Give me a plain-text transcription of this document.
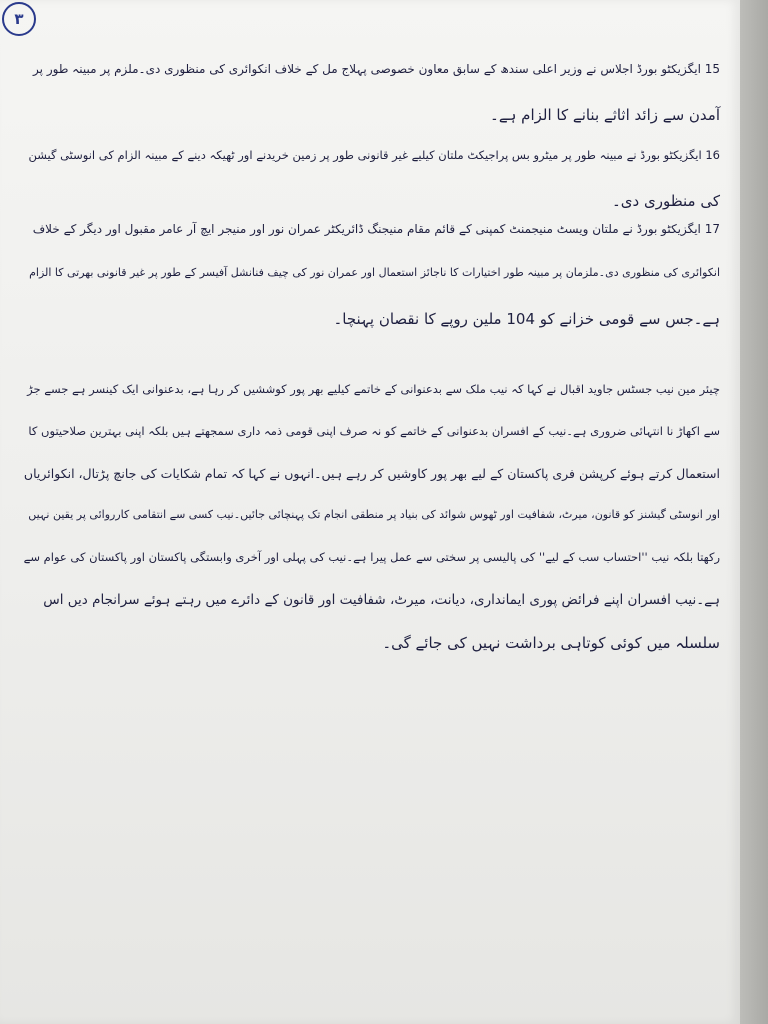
۳
15 ایگزیکٹو بورڈ اجلاس نے وزیر اعلی سندھ کے سابق معاون خصوصی پہلاج مل کے خلاف انکوائری کی منظوری دی۔ملزم پر مبینہ طور پر
آمدن سے زائد اثاثے بنانے کا الزام ہے۔
16 ایگزیکٹو بورڈ نے مبینہ طور پر میٹرو بس پراجیکٹ ملتان کیلیے غیر قانونی طور پر زمین خریدنے اور ٹھیکہ دینے کے مبینہ الزام کی انوسٹی گیشن
کی منظوری دی۔
17 ایگزیکٹو بورڈ نے ملتان ویسٹ منیجمنٹ کمپنی کے قائم مقام منیجنگ ڈائریکٹر عمران نور اور منیجر ایچ آر عامر مقبول اور دیگر کے خلاف
انکوائری کی منظوری دی۔ملزمان پر مبینہ طور اختیارات کا ناجائز استعمال اور عمران نور کی چیف فنانشل آفیسر کے طور پر غیر قانونی بھرتی کا الزام
ہے۔جس سے قومی خزانے کو 104 ملین روپے کا نقصان پہنچا۔
چیئر مین نیب جسٹس جاوید اقبال نے کہا کہ نیب ملک سے بدعنوانی کے خاتمے کیلیے بھر پور کوششیں کر رہا ہے، بدعنوانی ایک کینسر ہے جسے جڑ
سے اکھاڑ نا انتہائی ضروری ہے۔نیب کے افسران بدعنوانی کے خاتمے کو نہ صرف اپنی قومی ذمہ داری سمجھتے ہیں بلکہ اپنی بہترین صلاحیتوں کا
استعمال کرتے ہوئے کرپشن فری پاکستان کے لیے بھر پور کاوشیں کر رہے ہیں۔انہوں نے کہا کہ تمام شکایات کی جانچ پڑتال، انکوائریاں
اور انوسٹی گیشنز کو قانون، میرٹ، شفافیت اور ٹھوس شوائد کی بنیاد پر منطقی انجام تک پہنچائی جائیں۔نیب کسی سے انتقامی کارروائی پر یقین نہیں
رکھتا بلکہ نیب ''احتساب سب کے لیے'' کی پالیسی پر سختی سے عمل پیرا ہے۔نیب کی پہلی اور آخری وابستگی پاکستان اور پاکستان کی عوام سے
ہے۔نیب افسران اپنے فرائض پوری ایمانداری، دیانت، میرٹ، شفافیت اور قانون کے دائرے میں رہتے ہوئے سرانجام دیں اس
سلسلہ میں کوئی کوتاہی برداشت نہیں کی جائے گی۔
